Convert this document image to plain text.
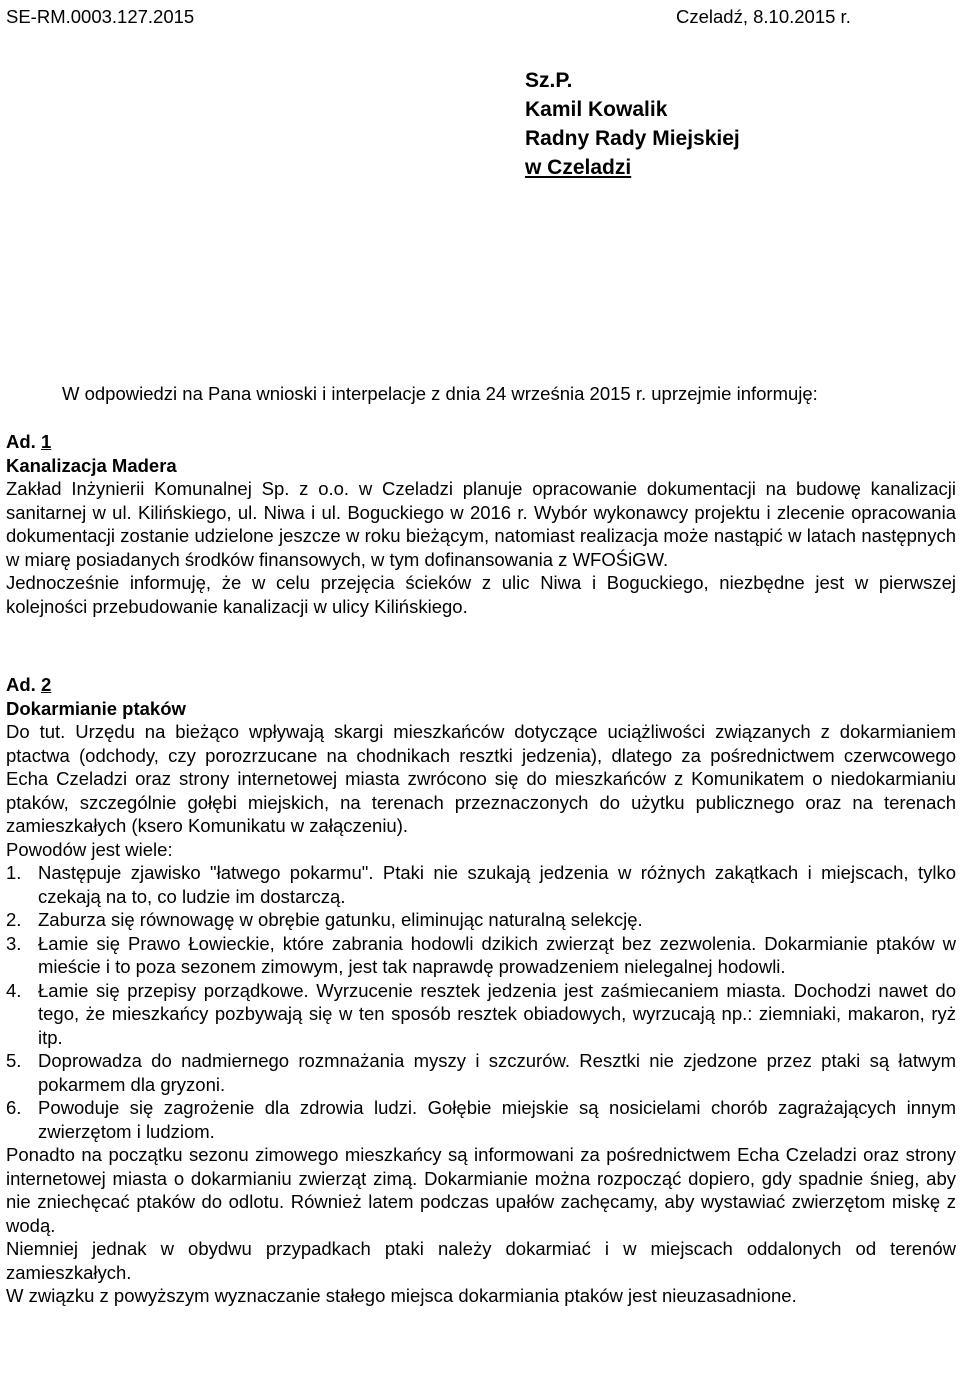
SE-RM.0003.127.2015	Czeladź, 8.10.2015 r.
Sz.P.
Kamil Kowalik
Radny Rady Miejskiej
w Czeladzi
W odpowiedzi na Pana wnioski i interpelacje z dnia 24 września 2015 r. uprzejmie informuję:
Ad. 1
Kanalizacja Madera

Zakład Inżynierii Komunalnej Sp. z o.o. w Czeladzi planuje opracowanie dokumentacji na budowę kanalizacji sanitarnej w ul. Kilińskiego, ul. Niwa i ul. Boguckiego w 2016 r. Wybór wykonawcy projektu i zlecenie opracowania dokumentacji zostanie udzielone jeszcze w roku bieżącym, natomiast realizacja może nastąpić w latach następnych w miarę posiadanych środków finansowych, w tym dofinansowania z WFOŚiGW.

Jednocześnie informuję, że w celu przejęcia ścieków z ulic Niwa i Boguckiego, niezbędne jest w pierwszej kolejności przebudowanie kanalizacji w ulicy Kilińskiego.

Ad. 2
Dokarmianie ptaków

Do tut. Urzędu na bieżąco wpływają skargi mieszkańców dotyczące uciążliwości związanych z dokarmianiem ptactwa (odchody, czy porozrzucane na chodnikach resztki jedzenia), dlatego za pośrednictwem czerwcowego Echa Czeladzi oraz strony internetowej miasta zwrócono się do mieszkańców z Komunikatem o niedokarmianiu ptaków, szczególnie gołębi miejskich, na terenach przeznaczonych do użytku publicznego oraz na terenach zamieszkałych (ksero Komunikatu w załączeniu).

Powodów jest wiele:

1. Następuje zjawisko "łatwego pokarmu". Ptaki nie szukają jedzenia w różnych zakątkach i miejscach, tylko czekają na to, co ludzie im dostarczą.
2. Zaburza się równowagę w obrębie gatunku, eliminując naturalną selekcję.
3. Łamie się Prawo Łowieckie, które zabrania hodowli dzikich zwierząt bez zezwolenia. Dokarmianie ptaków w mieście i to poza sezonem zimowym, jest tak naprawdę prowadzeniem nielegalnej hodowli.
4. Łamie się przepisy porządkowe. Wyrzucenie resztek jedzenia jest zaśmiecaniem miasta. Dochodzi nawet do tego, że mieszkańcy pozbywają się w ten sposób resztek obiadowych, wyrzucają np.: ziemniaki, makaron, ryż itp.
5. Doprowadza do nadmiernego rozmnażania myszy i szczurów. Resztki nie zjedzone przez ptaki są łatwym pokarmem dla gryzoni.
6. Powoduje się zagrożenie dla zdrowia ludzi. Gołębie miejskie są nosicielami chorób zagrażających innym zwierzętom i ludziom.

Ponadto na początku sezonu zimowego mieszkańcy są informowani za pośrednictwem Echa Czeladzi oraz strony internetowej miasta o dokarmianiu zwierząt zimą. Dokarmianie można rozpocząć dopiero, gdy spadnie śnieg, aby nie zniechęcać ptaków do odlotu. Również latem podczas upałów zachęcamy, aby wystawiać zwierzętom miskę z wodą.

Niemniej jednak w obydwu przypadkach ptaki należy dokarmiać i w miejscach oddalonych od terenów zamieszkałych.

W związku z powyższym wyznaczanie stałego miejsca dokarmiania ptaków jest nieuzasadnione.
